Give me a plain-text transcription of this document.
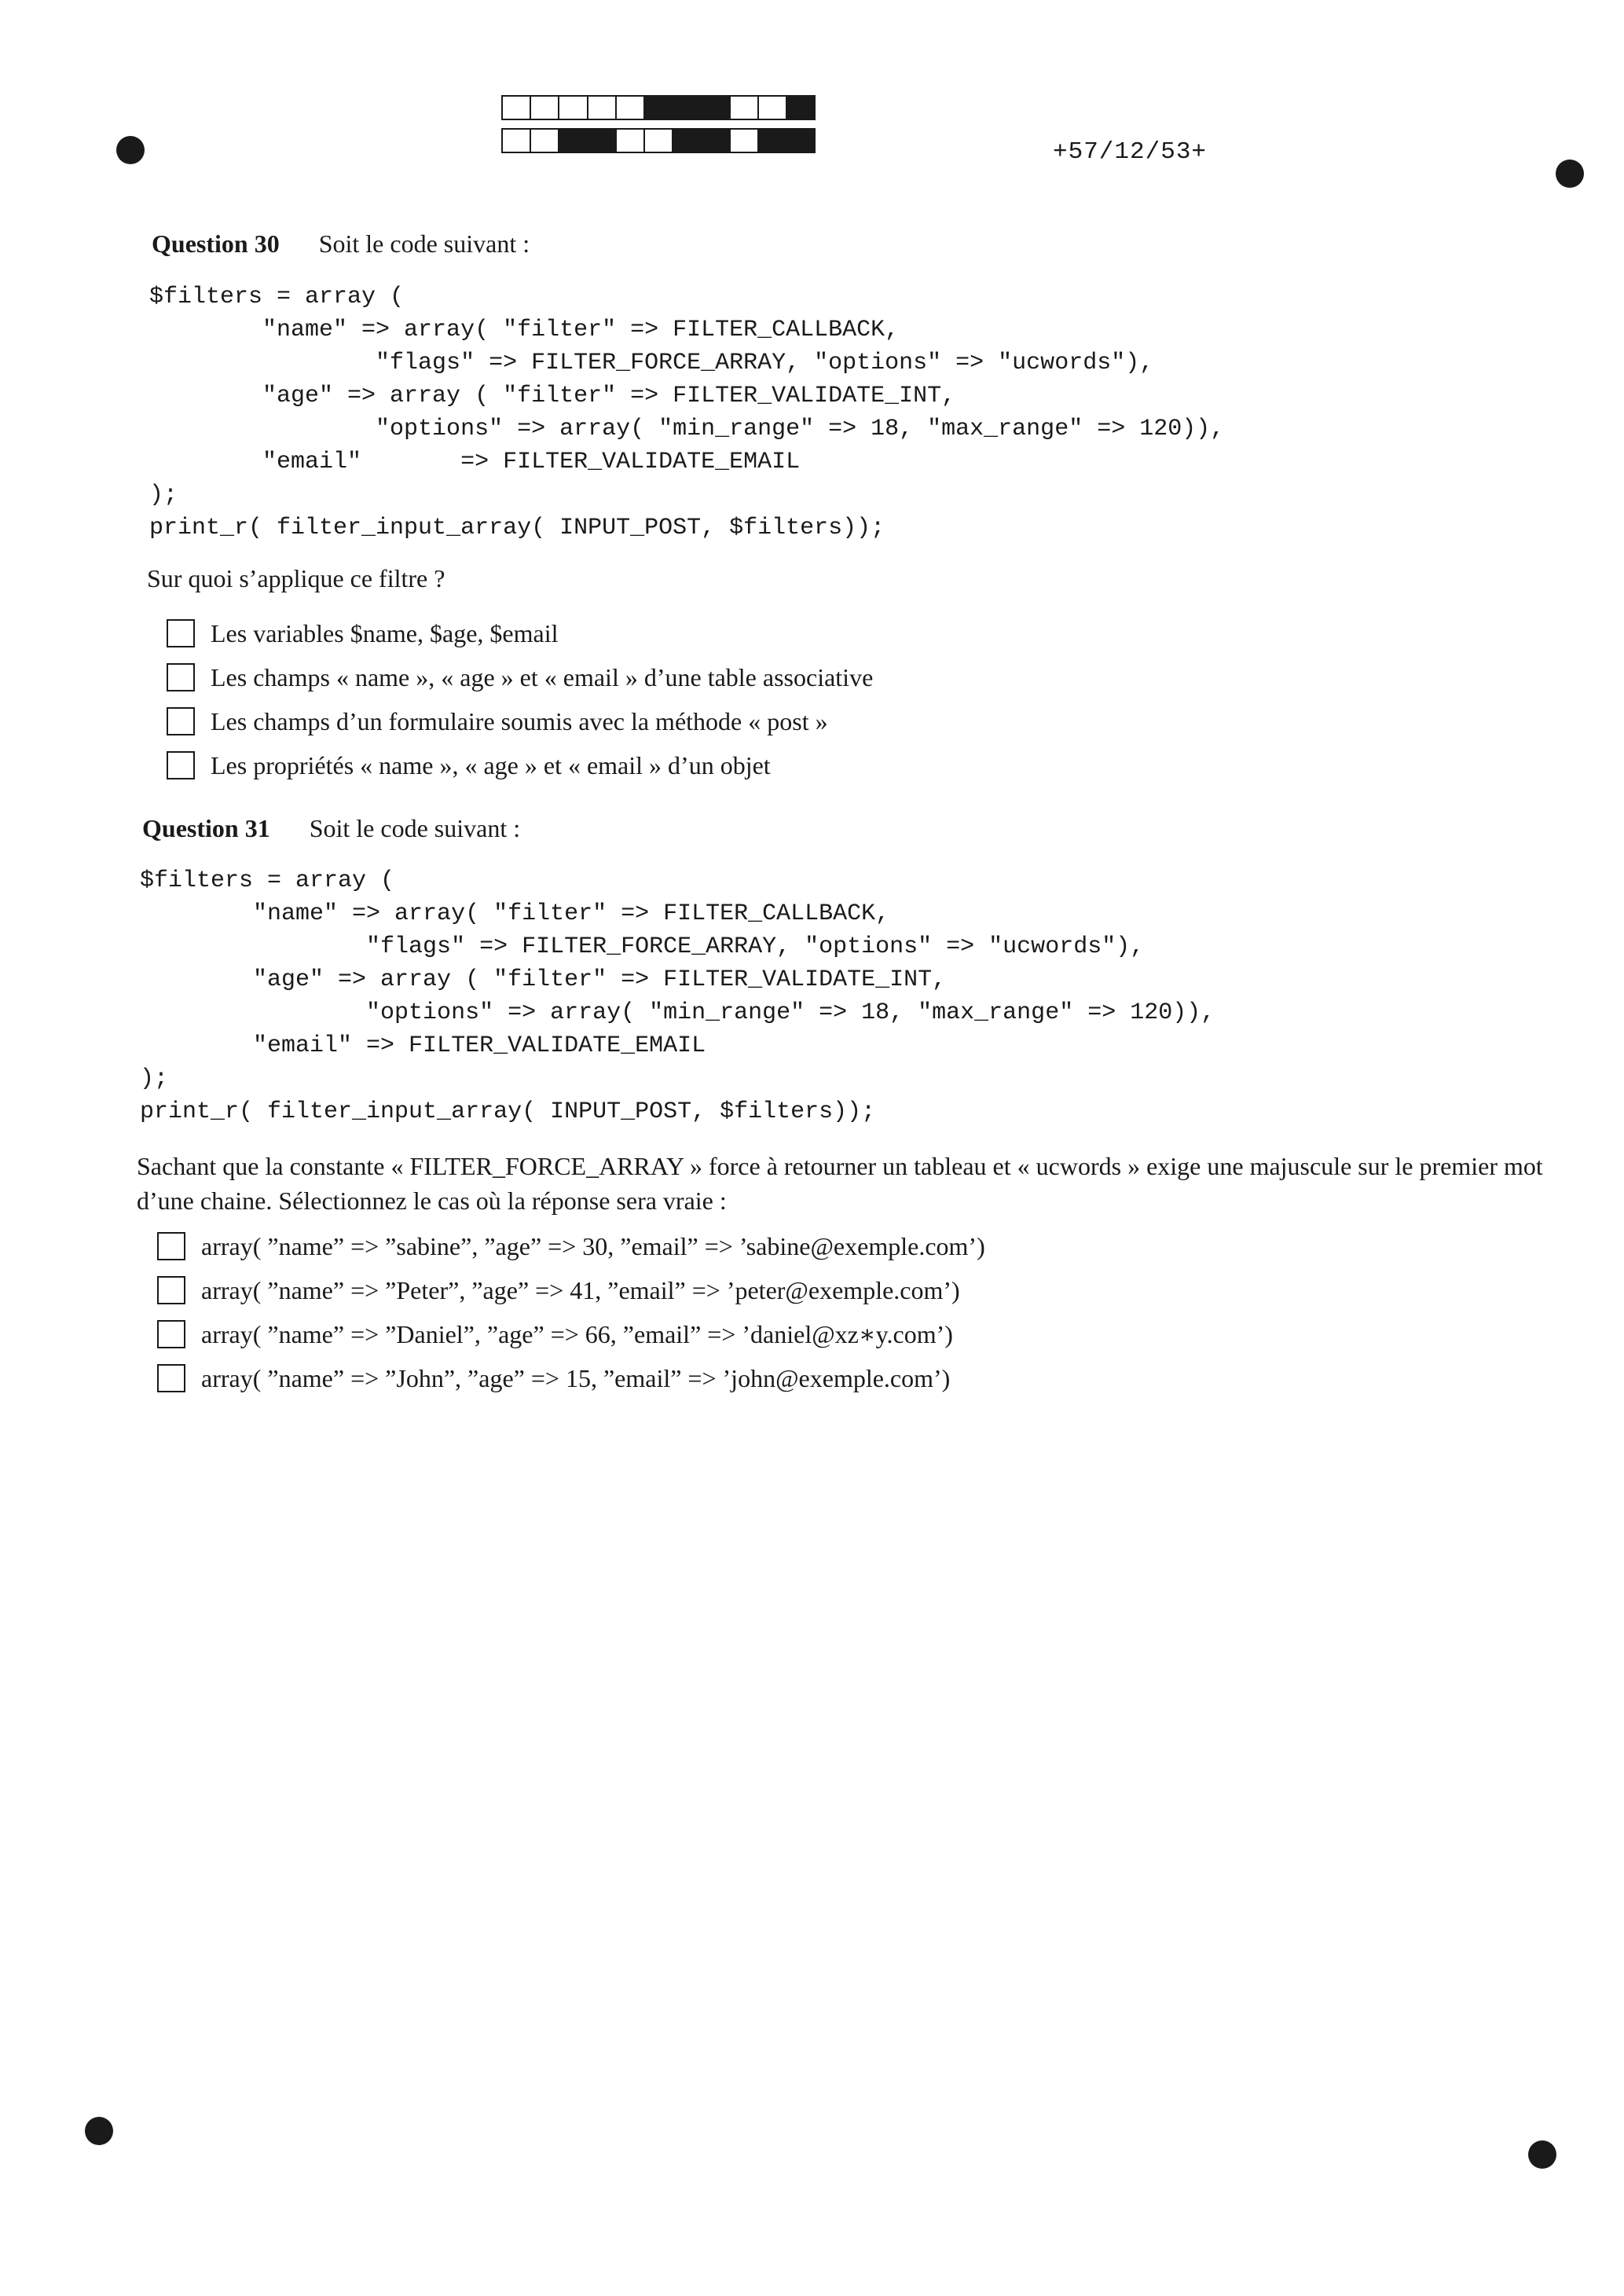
+57/12/53+
Question 30 Soit le code suivant :
$filters = array (
"name" => array( "filter" => FILTER_CALLBACK,
"flags" => FILTER_FORCE_ARRAY, "options" => "ucwords"),
"age" => array ( "filter" => FILTER_VALIDATE_INT,
"options" => array( "min_range" => 18, "max_range" => 120)),
"email"       => FILTER_VALIDATE_EMAIL
);
print_r( filter_input_array( INPUT_POST, $filters));
Sur quoi s’applique ce filtre ?
Les variables $name, $age, $email
Les champs « name », « age » et « email » d’une table associative
Les champs d’un formulaire soumis avec la méthode « post »
Les propriétés « name », « age » et « email » d’un objet
Question 31 Soit le code suivant :
$filters = array (
"name" => array( "filter" => FILTER_CALLBACK,
"flags" => FILTER_FORCE_ARRAY, "options" => "ucwords"),
"age" => array ( "filter" => FILTER_VALIDATE_INT,
"options" => array( "min_range" => 18, "max_range" => 120)),
"email" => FILTER_VALIDATE_EMAIL
);
print_r( filter_input_array( INPUT_POST, $filters));
Sachant que la constante « FILTER_FORCE_ARRAY » force à retourner un tableau et « ucwords » exige une majuscule sur le premier mot d’une chaine. Sélectionnez le cas où la réponse sera vraie :
array( ”name” => ”sabine”, ”age” => 30, ”email” => ’sabine@exemple.com’)
array( ”name” => ”Peter”, ”age” => 41, ”email” => ’peter@exemple.com’)
array( ”name” => ”Daniel”, ”age” => 66, ”email” => ’daniel@xz∗y.com’)
array( ”name” => ”John”, ”age” => 15, ”email” => ’john@exemple.com’)
